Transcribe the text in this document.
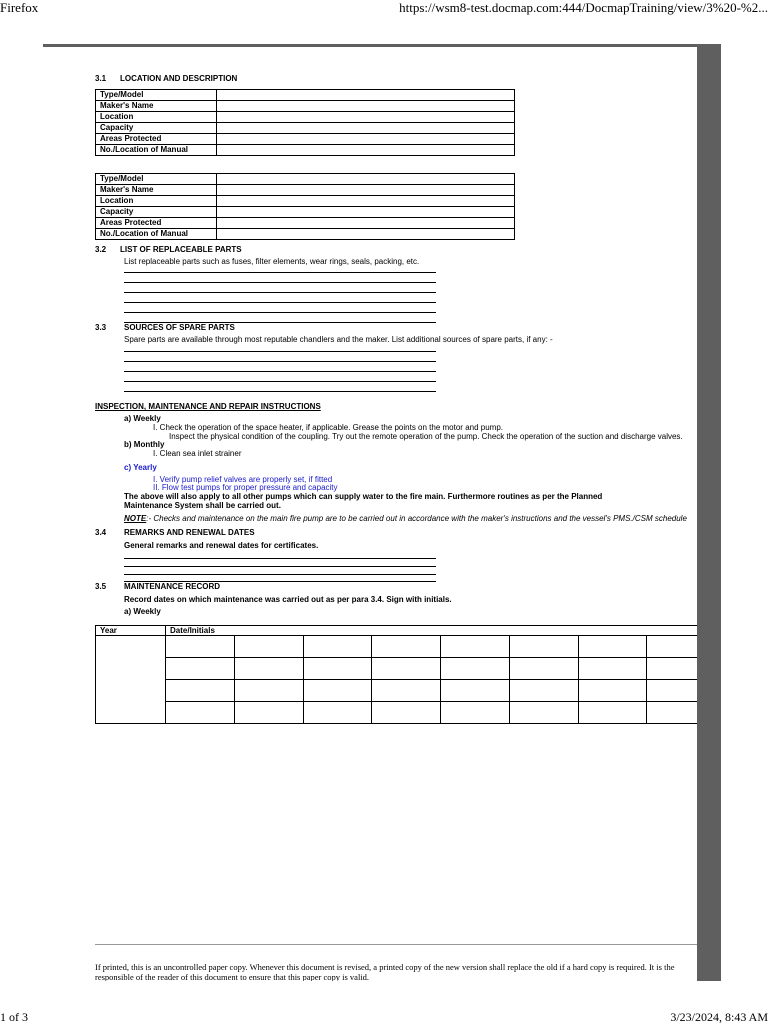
Firefox	https://wsm8-test.docmap.com:444/DocmapTraining/view/3%20-%2...
3.1 LOCATION AND DESCRIPTION
Type/Model	
Maker's Name	
Location	
Capacity	
Areas Protected	
No./Location of Manual	
Type/Model	
Maker's Name	
Location	
Capacity	
Areas Protected	
No./Location of Manual	
3.2 LIST OF REPLACEABLE PARTS
List replaceable parts such as fuses, filter elements, wear rings, seals, packing, etc.
3.3 SOURCES OF SPARE PARTS
Spare parts are available through most reputable chandlers and the maker. List additional sources of spare parts, if any: -
INSPECTION, MAINTENANCE AND REPAIR INSTRUCTIONS
a) Weekly
I. Check the operation of the space heater, if applicable. Grease the points on the motor and pump.
Inspect the physical condition of the coupling. Try out the remote operation of the pump. Check the operation of the suction and discharge valves.
b) Monthly
I. Clean sea inlet strainer
c) Yearly
I. Verify pump relief valves are properly set, if fitted
II. Flow test pumps for proper pressure and capacity
The above will also apply to all other pumps which can supply water to the fire main. Furthermore routines as per the Planned
Maintenance System shall be carried out.
NOTE:- Checks and maintenance on the main fire pump are to be carried out in accordance with the maker's instructions and the vessel's PMS./CSM schedule
3.4 REMARKS AND RENEWAL DATES
General remarks and renewal dates for certificates.
3.5 MAINTENANCE RECORD
Record dates on which maintenance was carried out as per para 3.4. Sign with initials.
a) Weekly
Year	Date/Initials							

If printed, this is an uncontrolled paper copy. Whenever this document is revised, a printed copy of the new version shall replace the old if a hard copy is required. It is the responsible of the reader of this document to ensure that this paper copy is valid.
1 of 3	3/23/2024, 8:43 AM
